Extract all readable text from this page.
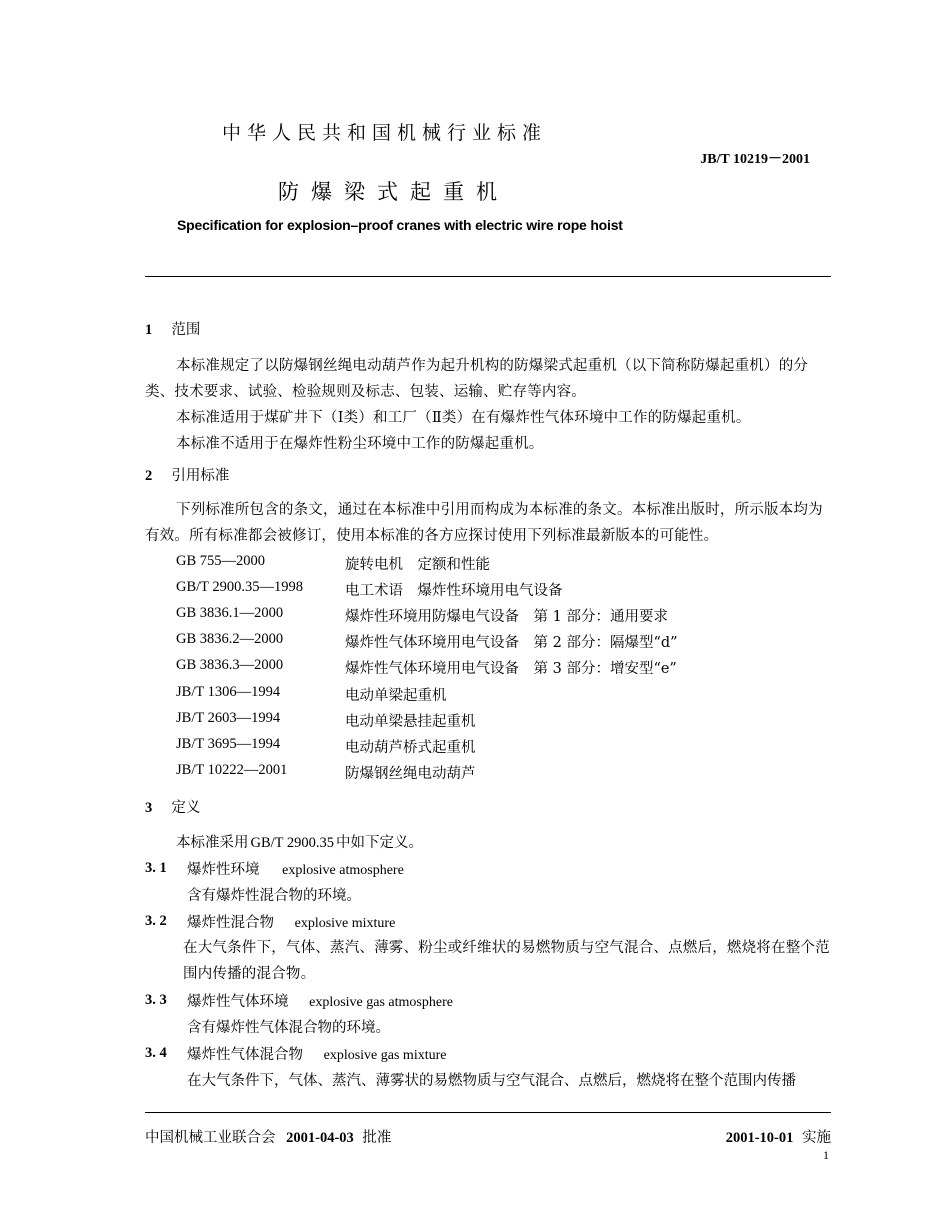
中华人民共和国机械行业标准
JB/T 10219－2001
防爆梁式起重机
Specification for explosion–proof cranes with electric wire rope hoist
1 范围
本标准规定了以防爆钢丝绳电动葫芦作为起升机构的防爆梁式起重机（以下简称防爆起重机）的分类、技术要求、试验、检验规则及标志、包装、运输、贮存等内容。
本标准适用于煤矿井下（Ⅰ类）和工厂（Ⅱ类）在有爆炸性气体环境中工作的防爆起重机。
本标准不适用于在爆炸性粉尘环境中工作的防爆起重机。
2 引用标准
下列标准所包含的条文，通过在本标准中引用而构成为本标准的条文。本标准出版时，所示版本均为有效。所有标准都会被修订，使用本标准的各方应探讨使用下列标准最新版本的可能性。
GB 755—2000	旋转电机　定额和性能
GB/T 2900.35—1998	电工术语　爆炸性环境用电气设备
GB 3836.1—2000	爆炸性环境用防爆电气设备　第 1 部分：通用要求
GB 3836.2—2000	爆炸性气体环境用电气设备　第 2 部分：隔爆型“d”
GB 3836.3—2000	爆炸性气体环境用电气设备　第 3 部分：增安型“e”
JB/T 1306—1994	电动单梁起重机
JB/T 2603—1994	电动单梁悬挂起重机
JB/T 3695—1994	电动葫芦桥式起重机
JB/T 10222—2001	防爆钢丝绳电动葫芦
3 定义
本标准采用 GB/T 2900.35 中如下定义。
3. 1 爆炸性环境 explosive atmosphere
含有爆炸性混合物的环境。
3. 2 爆炸性混合物 explosive mixture
在大气条件下，气体、蒸汽、薄雾、粉尘或纤维状的易燃物质与空气混合、点燃后，燃烧将在整个范围内传播的混合物。
3. 3 爆炸性气体环境 explosive gas atmosphere
含有爆炸性气体混合物的环境。
3. 4 爆炸性气体混合物 explosive gas mixture
在大气条件下，气体、蒸汽、薄雾状的易燃物质与空气混合、点燃后，燃烧将在整个范围内传播
中国机械工业联合会 2001-04-03 批准	2001-10-01 实施
1
